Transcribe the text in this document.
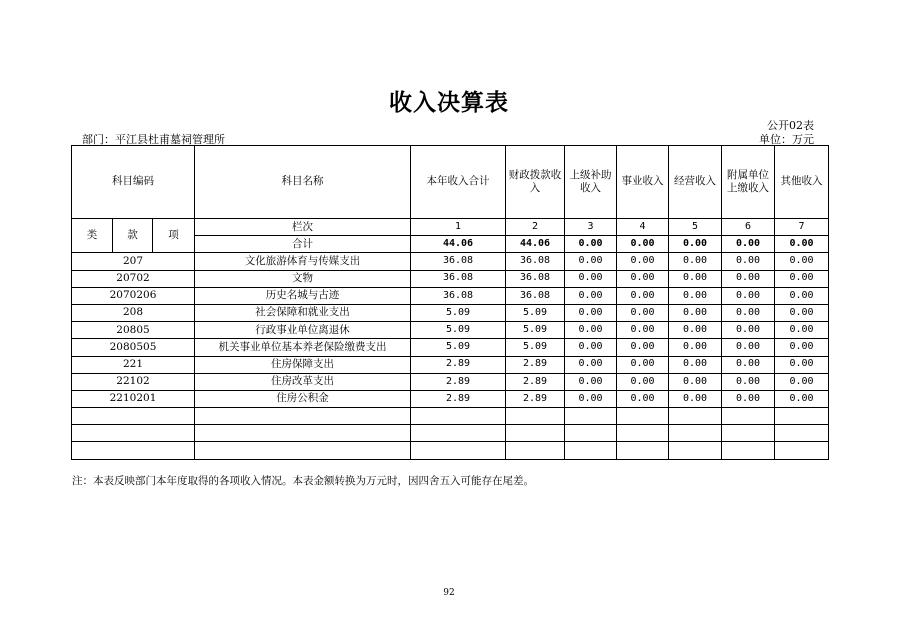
收入决算表
公开02表
部门：平江县杜甫墓祠管理所	单位：万元
科目编码			科目名称	本年收入合计	财政拨款收入	上级补助收入	事业收入	经营收入	附属单位上缴收入	其他收入
类	款	项	栏次	1	2	3	4	5	6	7
			合计	44.06	44.06	0.00	0.00	0.00	0.00	0.00
207			文化旅游体育与传媒支出	36.08	36.08	0.00	0.00	0.00	0.00	0.00
20702			文物	36.08	36.08	0.00	0.00	0.00	0.00	0.00
2070206			历史名城与古迹	36.08	36.08	0.00	0.00	0.00	0.00	0.00
208			社会保障和就业支出	5.09	5.09	0.00	0.00	0.00	0.00	0.00
20805			行政事业单位离退休	5.09	5.09	0.00	0.00	0.00	0.00	0.00
2080505			机关事业单位基本养老保险缴费支出	5.09	5.09	0.00	0.00	0.00	0.00	0.00
221			住房保障支出	2.89	2.89	0.00	0.00	0.00	0.00	0.00
22102			住房改革支出	2.89	2.89	0.00	0.00	0.00	0.00	0.00
2210201			住房公积金	2.89	2.89	0.00	0.00	0.00	0.00	0.00

注：本表反映部门本年度取得的各项收入情况。本表金额转换为万元时，因四舍五入可能存在尾差。
92
